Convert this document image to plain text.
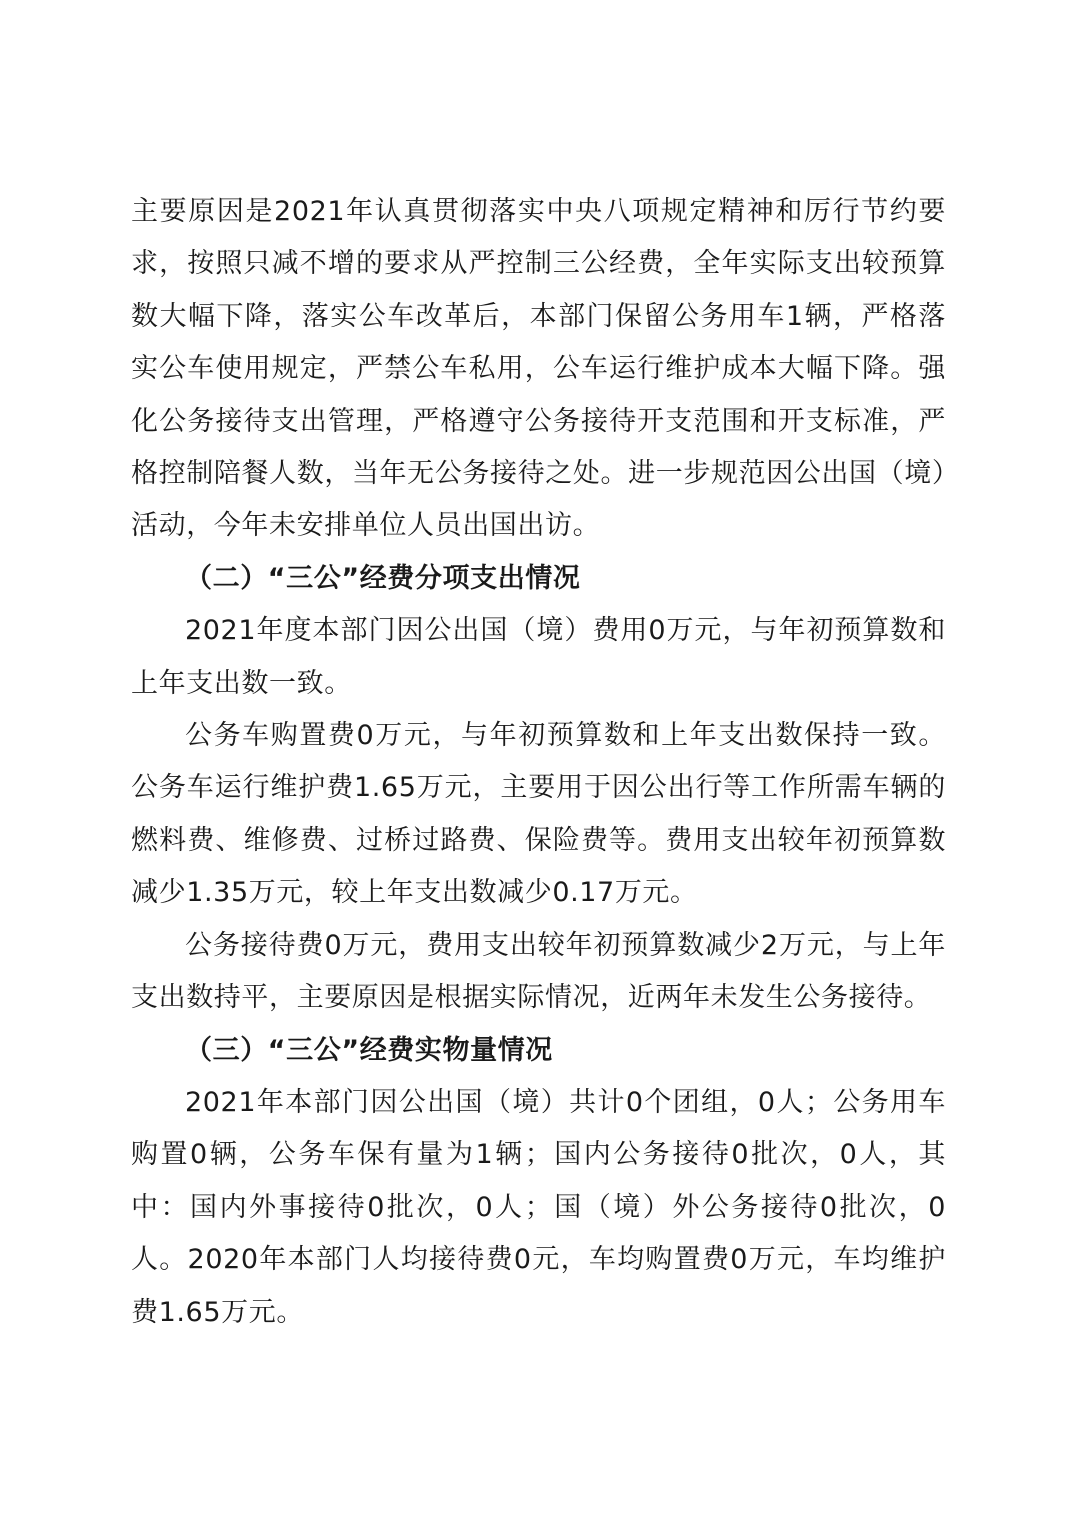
主要原因是2021年认真贯彻落实中央八项规定精神和厉行节约要求，按照只减不增的要求从严控制三公经费，全年实际支出较预算数大幅下降，落实公车改革后，本部门保留公务用车1辆，严格落实公车使用规定，严禁公车私用，公车运行维护成本大幅下降。强化公务接待支出管理，严格遵守公务接待开支范围和开支标准，严格控制陪餐人数，当年无公务接待之处。进一步规范因公出国（境）活动，今年未安排单位人员出国出访。

（二）“三公”经费分项支出情况

2021年度本部门因公出国（境）费用0万元，与年初预算数和上年支出数一致。

公务车购置费0万元，与年初预算数和上年支出数保持一致。公务车运行维护费1.65万元，主要用于因公出行等工作所需车辆的燃料费、维修费、过桥过路费、保险费等。费用支出较年初预算数减少1.35万元，较上年支出数减少0.17万元。

公务接待费0万元，费用支出较年初预算数减少2万元，与上年支出数持平，主要原因是根据实际情况，近两年未发生公务接待。

（三）“三公”经费实物量情况

2021年本部门因公出国（境）共计0个团组，0人；公务用车购置0辆，公务车保有量为1辆；国内公务接待0批次，0人，其中：国内外事接待0批次，0人；国（境）外公务接待0批次，0人。2020年本部门人均接待费0元，车均购置费0万元，车均维护费1.65万元。
